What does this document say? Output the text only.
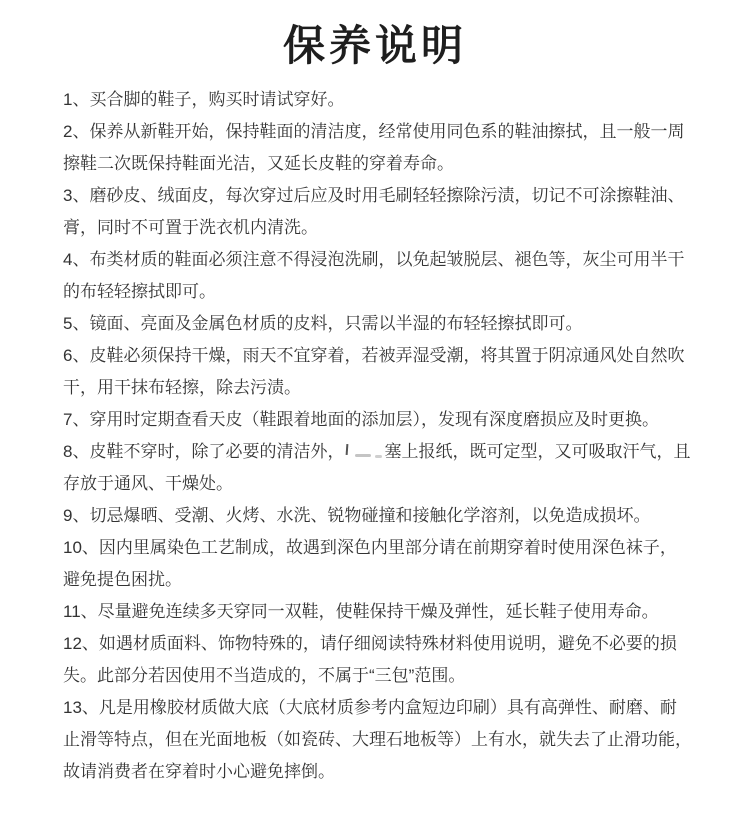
保养说明

1、买合脚的鞋子，购买时请试穿好。

2、保养从新鞋开始，保持鞋面的清洁度，经常使用同色系的鞋油擦拭，且一般一周擦鞋二次既保持鞋面光洁，又延长皮鞋的穿着寿命。

3、磨砂皮、绒面皮，每次穿过后应及时用毛刷轻轻擦除污渍，切记不可涂擦鞋油、膏，同时不可置于洗衣机内清洗。

4、布类材质的鞋面必须注意不得浸泡洗刷，以免起皱脱层、褪色等，灰尘可用半干的布轻轻擦拭即可。

5、镜面、亮面及金属色材质的皮料，只需以半湿的布轻轻擦拭即可。

6、皮鞋必须保持干燥，雨天不宜穿着，若被弄湿受潮，将其置于阴凉通风处自然吹干，用干抹布轻擦，除去污渍。

7、穿用时定期查看天皮（鞋跟着地面的添加层），发现有深度磨损应及时更换。

8、皮鞋不穿时，除了必要的清洁外， 塞上报纸，既可定型，又可吸取汗气，且存放于通风、干燥处。

9、切忌爆晒、受潮、火烤、水洗、锐物碰撞和接触化学溶剂，以免造成损坏。

10、因内里属染色工艺制成，故遇到深色内里部分请在前期穿着时使用深色袜子，避免提色困扰。

11、尽量避免连续多天穿同一双鞋，使鞋保持干燥及弹性，延长鞋子使用寿命。

12、如遇材质面料、饰物特殊的，请仔细阅读特殊材料使用说明，避免不必要的损失。此部分若因使用不当造成的，不属于“三包”范围。

13、凡是用橡胶材质做大底（大底材质参考内盒短边印刷）具有高弹性、耐磨、耐止滑等特点，但在光面地板（如瓷砖、大理石地板等）上有水，就失去了止滑功能，故请消费者在穿着时小心避免摔倒。
